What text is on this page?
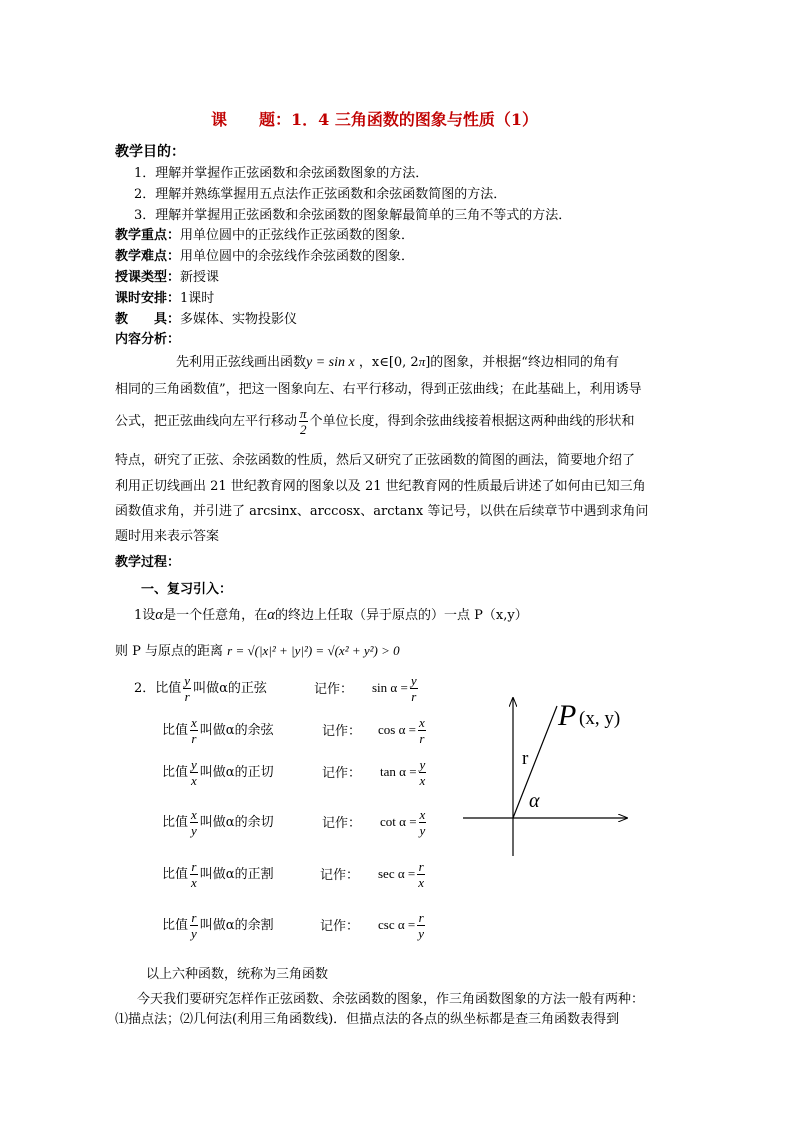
课　　题：1．4 三角函数的图象与性质（1）
教学目的：
1．理解并掌握作正弦函数和余弦函数图象的方法．
2．理解并熟练掌握用五点法作正弦函数和余弦函数简图的方法．
3．理解并掌握用正弦函数和余弦函数的图象解最简单的三角不等式的方法．
教学重点：用单位圆中的正弦线作正弦函数的图象．
教学难点：用单位圆中的余弦线作余弦函数的图象．
授课类型：新授课
课时安排：1课时
教　　具：多媒体、实物投影仪
内容分析：
先利用正弦线画出函数y = sin x ，x∈[0, 2π]的图象，并根据“终边相同的角有
相同的三角函数值”，把这一图象向左、右平行移动，得到正弦曲线；在此基础上，利用诱导
公式，把正弦曲线向左平行移动 $\frac{\pi}{2}$ 个单位长度，得到余弦曲线接着根据这两种曲线的形状和
特点，研究了正弦、余弦函数的性质，然后又研究了正弦函数的简图的画法，简要地介绍了
利用正切线画出 21 世纪教育网的图象以及 21 世纪教育网的性质最后讲述了如何由已知三角
函数值求角，并引进了 arcsinx、arccosx、arctanx 等记号，以供在后续章节中遇到求角问
题时用来表示答案
教学过程：
一、复习引入：
1设α是一个任意角，在α的终边上任取（异于原点的）一点 P（x,y）
则 P 与原点的距离 r = √(|x|² + |y|²) = √(x² + y²) > 0
2．比值 $\frac{y}{r}$ 叫做α的正弦	记作： $\sin \alpha = \frac{y}{r}$
比值 $\frac{x}{r}$ 叫做α的余弦	记作： $\cos \alpha = \frac{x}{r}$
比值 $\frac{y}{x}$ 叫做α的正切	记作： $\tan \alpha = \frac{y}{x}$
比值 $\frac{x}{y}$ 叫做α的余切	记作： $\cot \alpha = \frac{x}{y}$
比值 $\frac{r}{x}$ 叫做α的正割	记作： $\sec \alpha = \frac{r}{x}$
比值 $\frac{r}{y}$ 叫做α的余割	记作： $\csc \alpha = \frac{r}{y}$
P (x, y)
r
α
以上六种函数，统称为三角函数
今天我们要研究怎样作正弦函数、余弦函数的图象，作三角函数图象的方法一般有两种：
⑴描点法；⑵几何法(利用三角函数线)．但描点法的各点的纵坐标都是查三角函数表得到
